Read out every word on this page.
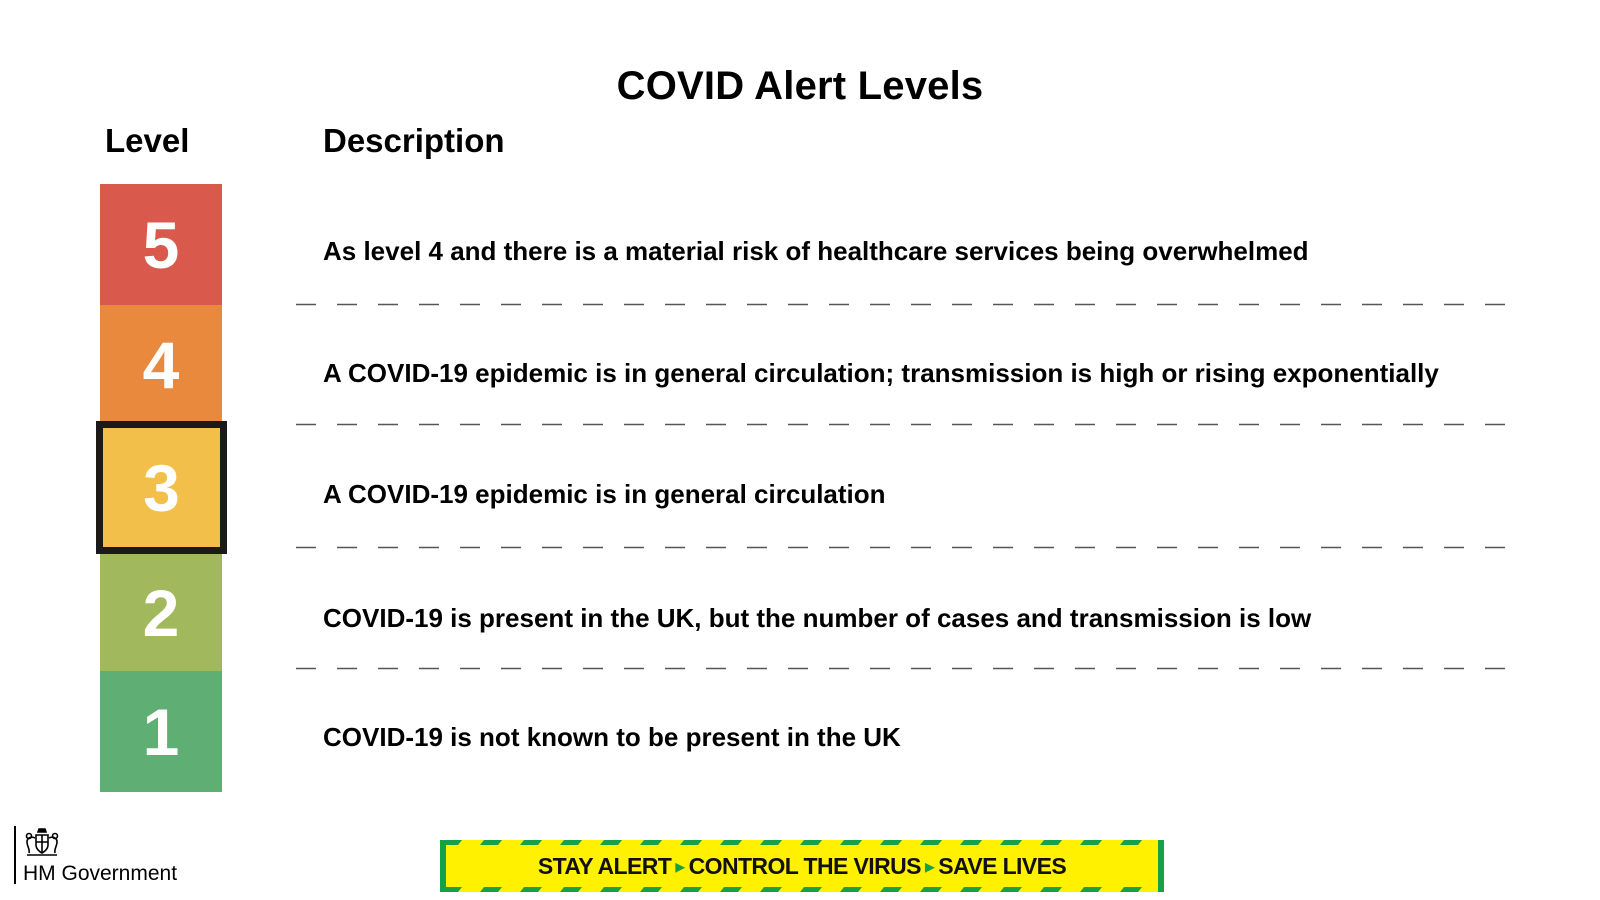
COVID Alert Levels
Level	Description
5	As level 4 and there is a material risk of healthcare services being overwhelmed
4	A COVID-19 epidemic is in general circulation; transmission is high or rising exponentially
3	A COVID-19 epidemic is in general circulation
2	COVID-19 is present in the UK, but the number of cases and transmission is low
1	COVID-19 is not known to be present in the UK
HM Government	STAY ALERT ▸ CONTROL THE VIRUS ▸ SAVE LIVES
